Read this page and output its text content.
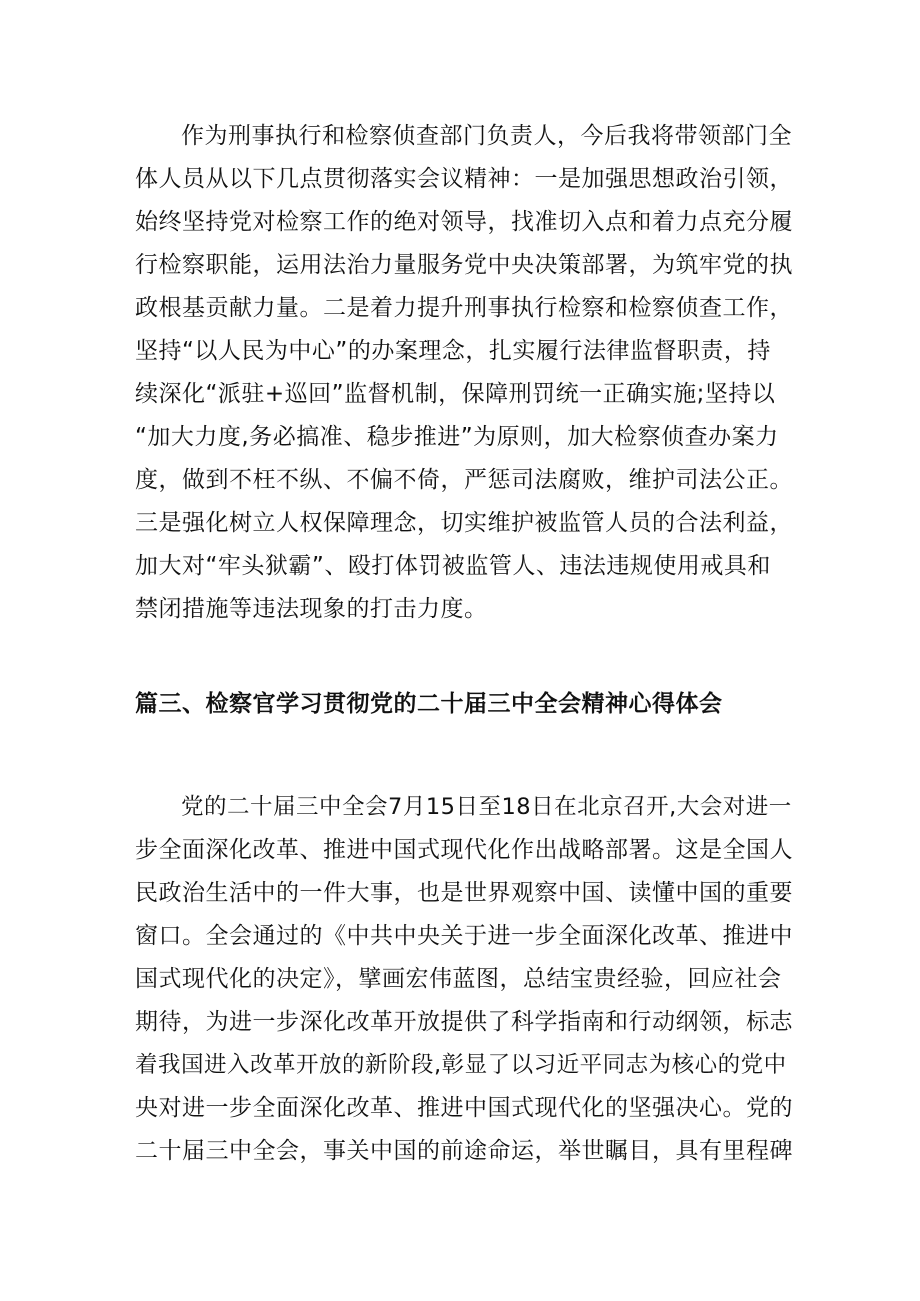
作为刑事执行和检察侦查部门负责人，今后我将带领部门全
体人员从以下几点贯彻落实会议精神：一是加强思想政治引领，
始终坚持党对检察工作的绝对领导，找准切入点和着力点充分履
行检察职能，运用法治力量服务党中央决策部署，为筑牢党的执
政根基贡献力量。二是着力提升刑事执行检察和检察侦查工作，
坚持“以人民为中心”的办案理念，扎实履行法律监督职责，持
续深化“派驻+巡回”监督机制，保障刑罚统一正确实施;坚持以
“加大力度,务必搞准、稳步推进”为原则，加大检察侦查办案力
度，做到不枉不纵、不偏不倚，严惩司法腐败，维护司法公正。
三是强化树立人权保障理念，切实维护被监管人员的合法利益，
加大对“牢头狱霸”、殴打体罚被监管人、违法违规使用戒具和
禁闭措施等违法现象的打击力度。
篇三、检察官学习贯彻党的二十届三中全会精神心得体会
党的二十届三中全会7月15日至18日在北京召开,大会对进一
步全面深化改革、推进中国式现代化作出战略部署。这是全国人
民政治生活中的一件大事，也是世界观察中国、读懂中国的重要
窗口。全会通过的《中共中央关于进一步全面深化改革、推进中
国式现代化的决定》，擘画宏伟蓝图，总结宝贵经验，回应社会
期待，为进一步深化改革开放提供了科学指南和行动纲领，标志
着我国进入改革开放的新阶段,彰显了以习近平同志为核心的党中
央对进一步全面深化改革、推进中国式现代化的坚强决心。党的
二十届三中全会，事关中国的前途命运，举世瞩目，具有里程碑
